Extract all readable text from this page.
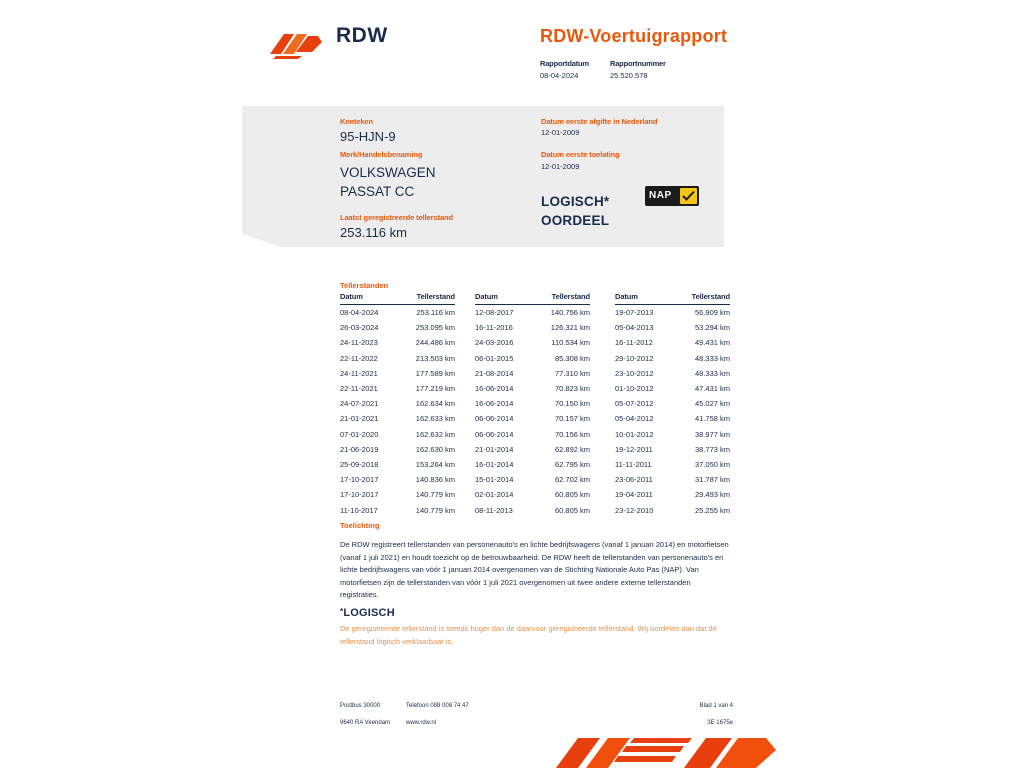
RDW	RDW-Voertuigrapport
Rapportdatum
08-04-2024
Rapportnummer
25.520.578
Kenteken
95-HJN-9
Merk/Handelsbenaming
VOLKSWAGEN
PASSAT CC
Laatst geregistreerde tellerstand
253.116 km
Datum eerste afgifte in Nederland
12-01-2009
Datum eerste toelating
12-01-2009
LOGISCH*
OORDEEL
NAP
Tellerstanden
Datum	Tellerstand
08-04-2024	253.116 km
26-03-2024	253.095 km
24-11-2023	244.486 km
22-11-2022	213.503 km
24-11-2021	177.589 km
22-11-2021	177.219 km
24-07-2021	162.634 km
21-01-2021	162.633 km
07-01-2020	162.632 km
21-06-2019	162.630 km
25-09-2018	153.264 km
17-10-2017	140.836 km
17-10-2017	140.779 km
11-10-2017	140.779 km
Datum	Tellerstand
12-08-2017	140.756 km
16-11-2016	126.321 km
24-03-2016	110.534 km
06-01-2015	85.308 km
21-08-2014	77.310 km
16-06-2014	70.823 km
16-06-2014	70.150 km
06-06-2014	70.157 km
06-06-2014	70.156 km
21-01-2014	62.892 km
16-01-2014	62.795 km
15-01-2014	62.702 km
02-01-2014	60.805 km
08-11-2013	60.805 km
Datum	Tellerstand
19-07-2013	56.909 km
05-04-2013	53.294 km
16-11-2012	49.431 km
29-10-2012	48.333 km
23-10-2012	48.333 km
01-10-2012	47.431 km
05-07-2012	45.027 km
05-04-2012	41.758 km
10-01-2012	38.977 km
19-12-2011	38.773 km
11-11-2011	37.050 km
23-06-2011	31.787 km
19-04-2011	29.493 km
23-12-2010	25.255 km
Toelichting
De RDW registreert tellerstanden van personenauto's en lichte bedrijfswagens (vanaf 1 januari 2014) en motorfietsen (vanaf 1 juli 2021) en houdt toezicht op de betrouwbaarheid. De RDW heeft de tellerstanden van personenauto's en lichte bedrijfswagens van vóór 1 januari 2014 overgenomen van de Stichting Nationale Auto Pas (NAP). Van motorfietsen zijn de tellerstanden van vóór 1 juli 2021 overgenomen uit twee andere externe tellerstanden registraties.
*LOGISCH
De geregistreerde tellerstand is steeds hoger dan de daarvoor geregistreerde tellerstand. Wij oordelen dan dat de tellerstand logisch verklaarbaar is.
Postbus 30000
9640 RA Veendam
Telefoon 088 008 74 47
www.rdw.nl
Blad 1 van 4
3E 1675e
